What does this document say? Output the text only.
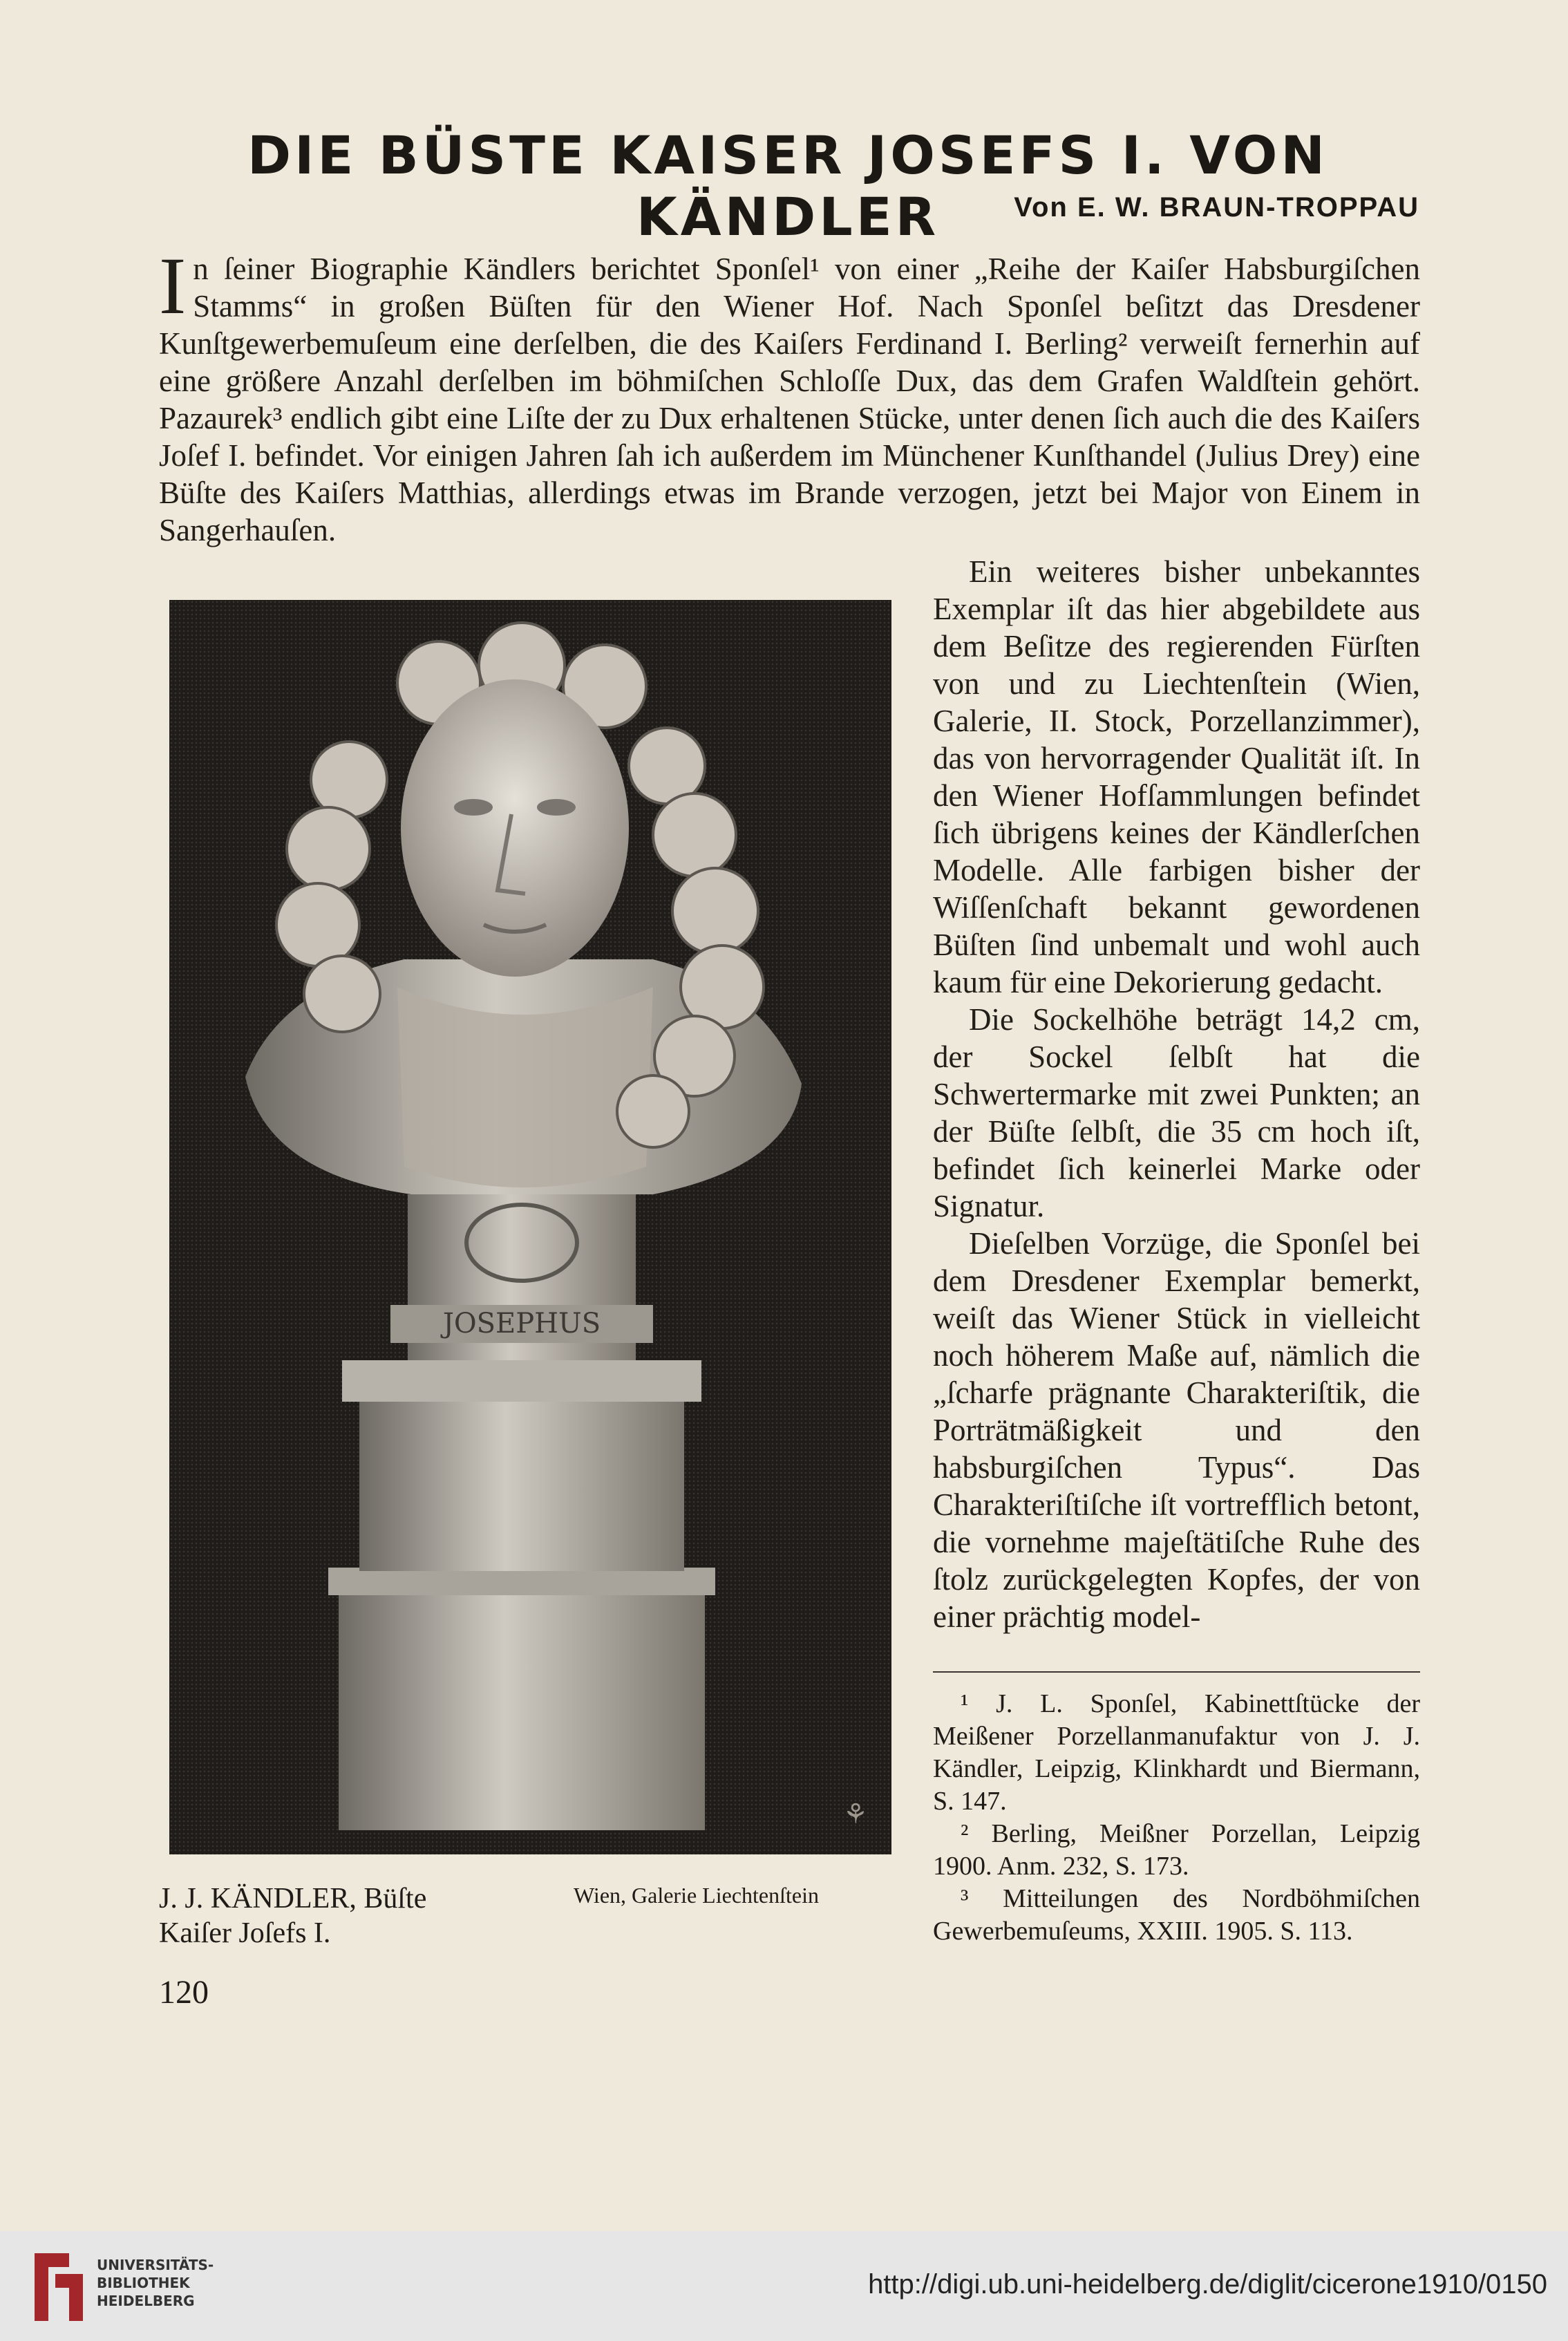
DIE BÜSTE KAISER JOSEFS I. VON KÄNDLER	Von E. W. BRAUN-TROPPAU

I n ſeiner Biographie Kändlers berichtet Sponſel¹ von einer „Reihe der Kaiſer Habsburgiſchen Stamms“ in großen Büſten für den Wiener Hof. Nach Sponſel beſitzt das Dresdener Kunſtgewerbemuſeum eine derſelben, die des Kaiſers Ferdinand I. Berling² verweiſt fernerhin auf eine größere Anzahl derſelben im böhmiſchen Schloſſe Dux, das dem Grafen Waldſtein gehört. Pazaurek³ endlich gibt eine Liſte der zu Dux erhaltenen Stücke, unter denen ſich auch die des Kaiſers Joſef I. befindet. Vor einigen Jahren ſah ich außerdem im Münchener Kunſthandel (Julius Drey) eine Büſte des Kaiſers Matthias, allerdings etwas im Brande verzogen, jetzt bei Major von Einem in Sangerhauſen.

JOSEPHUS
⚘

Ein weiteres bisher unbekanntes Exemplar iſt das hier abgebildete aus dem Beſitze des regierenden Fürſten von und zu Liechtenſtein (Wien, Galerie, II. Stock, Porzellanzimmer), das von hervorragender Qualität iſt. In den Wiener Hofſammlungen befindet ſich übrigens keines der Kändlerſchen Modelle. Alle farbigen bisher der Wiſſenſchaft bekannt gewordenen Büſten ſind unbemalt und wohl auch kaum für eine Dekorierung gedacht.

Die Sockelhöhe beträgt 14,2 cm, der Sockel ſelbſt hat die Schwertermarke mit zwei Punkten; an der Büſte ſelbſt, die 35 cm hoch iſt, befindet ſich keinerlei Marke oder Signatur.

Dieſelben Vorzüge, die Sponſel bei dem Dresdener Exemplar bemerkt, weiſt das Wiener Stück in vielleicht noch höherem Maße auf, nämlich die „ſcharfe prägnante Charakteriſtik, die Porträtmäßigkeit und den habsburgiſchen Typus“. Das Charakteriſtiſche iſt vortrefflich betont, die vornehme majeſtätiſche Ruhe des ſtolz zurückgelegten Kopfes, der von einer prächtig model-

¹ J. L. Sponſel, Kabinettſtücke der Meißener Porzellanmanufaktur von J. J. Kändler, Leipzig, Klinkhardt und Biermann, S. 147.

² Berling, Meißner Porzellan, Leipzig 1900. Anm. 232, S. 173.

³ Mitteilungen des Nordböhmiſchen Gewerbemuſeums, XXIII. 1905. S. 113.

J. J. KÄNDLER, Büſte
Kaiſer Joſefs I.
Wien, Galerie Liechtenſtein
120
UNIVERSITÄTS-
BIBLIOTHEK
HEIDELBERG
http://digi.ub.uni-heidelberg.de/diglit/cicerone1910/0150
